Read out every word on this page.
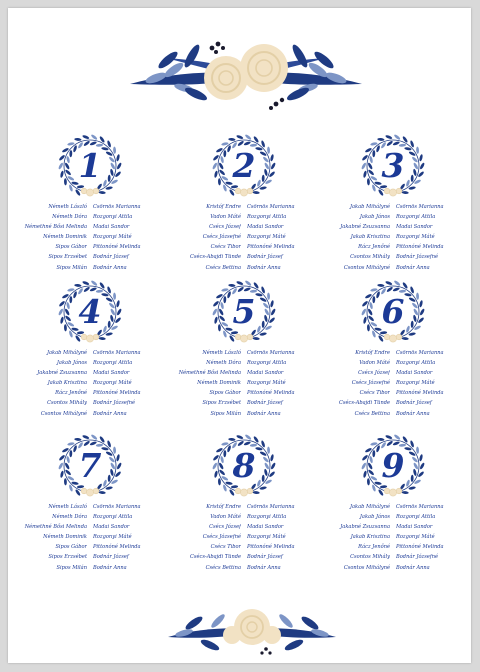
1
Németh László Csörnös Marianna
Németh Dóra Rozgonyi Attila
Némethné Bősi Melinda Madai Sandor
Németh Dominik Rozgonyi Máté
Sipos Gábor Pittonóné Melinda
Sipos Erzsébet Bodnár József
Sipos Milán Bodnár Anna
2
Kristóf Endre Csörnös Marianna
Vadon Máté Rozgonyi Attila
Csécs József Madai Sandor
Csécs Józsefné Rozgonyi Máté
Csécs Tibor Pittonóné Melinda
Csécs-Abajdi Tünde Bodnár József
Csécs Bettina Bodnár Anna
3
Jakab Mihályné Csörnös Marianna
Jakab János Rozgonyi Attila
Jakabné Zsuzsanna Madai Sandor
Jakab Krisztina Rozgonyi Máté
Rácz Jenőné Pittonóné Melinda
Csontos Mihály Bodnár Józsefné
Csontos Mihályné Bodnár Anna
4
Jakab Mihályné Csörnös Marianna
Jakab János Rozgonyi Attila
Jakabné Zsuzsanna Madai Sandor
Jakab Krisztina Rozgonyi Máté
Rácz Jenőné Pittonóné Melinda
Csontos Mihály Bodnár Józsefné
Csontos Mihályné Bodnár Anna
5
Németh László Csörnös Marianna
Németh Dóra Rozgonyi Attila
Némethné Bősi Melinda Madai Sandor
Németh Dominik Rozgonyi Máté
Sipos Gábor Pittonóné Melinda
Sipos Erzsébet Bodnár József
Sipos Milán Bodnár Anna
6
Kristóf Endre Csörnös Marianna
Vadon Máté Rozgonyi Attila
Csécs József Madai Sandor
Csécs Józsefné Rozgonyi Máté
Csécs Tibor Pittonóné Melinda
Csécs-Abajdi Tünde Bodnár József
Csécs Bettina Bodnár Anna
7
Németh László Csörnös Marianna
Németh Dóra Rozgonyi Attila
Némethné Bősi Melinda Madai Sandor
Németh Dominik Rozgonyi Máté
Sipos Gábor Pittonóné Melinda
Sipos Erzsébet Bodnár József
Sipos Milán Bodnár Anna
8
Kristóf Endre Csörnös Marianna
Vadon Máté Rozgonyi Attila
Csécs József Madai Sandor
Csécs Józsefné Rozgonyi Máté
Csécs Tibor Pittonóné Melinda
Csécs-Abajdi Tünde Bodnár József
Csécs Bettina Bodnár Anna
9
Jakab Mihályné Csörnös Marianna
Jakab János Rozgonyi Attila
Jakabné Zsuzsanna Madai Sandor
Jakab Krisztina Rozgonyi Máté
Rácz Jenőné Pittonóné Melinda
Csontos Mihály Bodnár Józsefné
Csontos Mihályné Bodnár Anna
